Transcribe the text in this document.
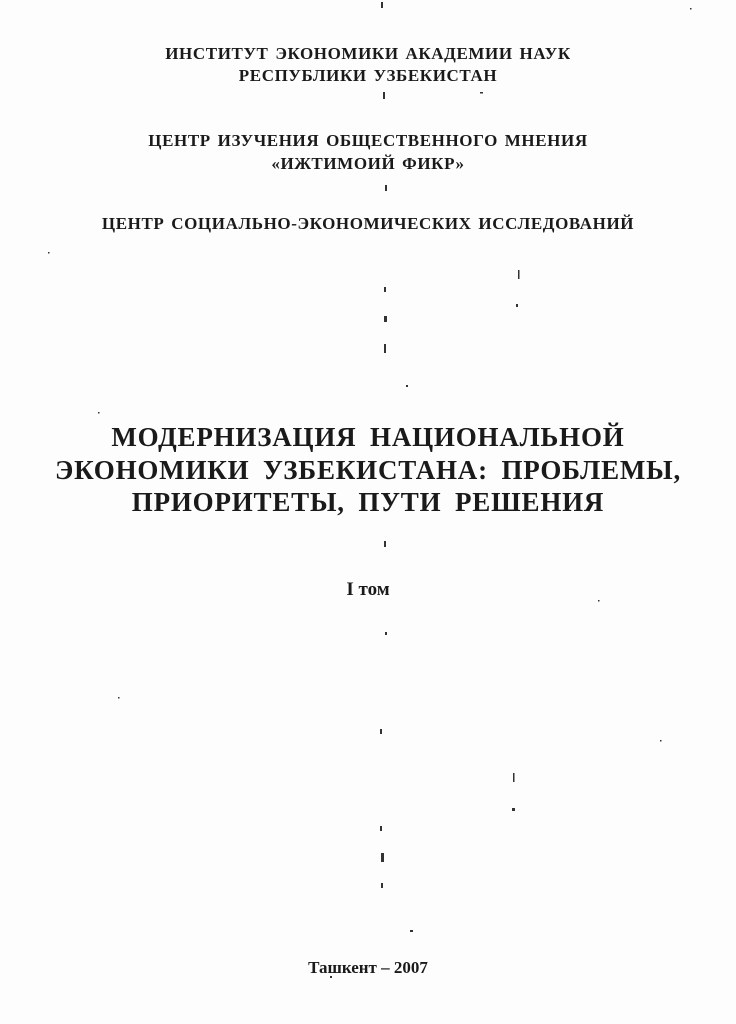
ИНСТИТУТ ЭКОНОМИКИ АКАДЕМИИ НАУК

РЕСПУБЛИКИ УЗБЕКИСТАН

ЦЕНТР ИЗУЧЕНИЯ ОБЩЕСТВЕННОГО МНЕНИЯ

«ИЖТИМОИЙ ФИКР»

ЦЕНТР СОЦИАЛЬНО-ЭКОНОМИЧЕСКИХ ИССЛЕДОВАНИЙ

МОДЕРНИЗАЦИЯ НАЦИОНАЛЬНОЙ

ЭКОНОМИКИ УЗБЕКИСТАНА: ПРОБЛЕМЫ,

ПРИОРИТЕТЫ, ПУТИ РЕШЕНИЯ

I том

Ташкент – 2007
